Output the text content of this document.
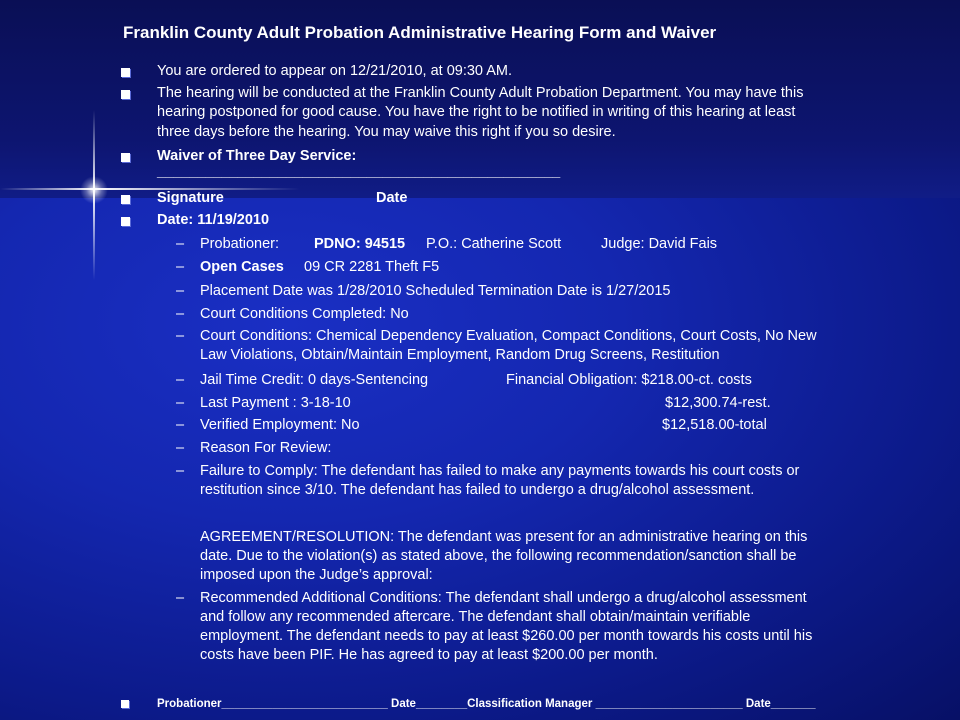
Franklin County Adult Probation Administrative Hearing Form and Waiver
You are ordered to appear on 12/21/2010, at 09:30 AM.
The hearing will be conducted at the Franklin County Adult Probation Department. You may have this
hearing postponed for good cause. You have the right to be notified in writing of this hearing at least
three days before the hearing. You may waive this right if you so desire.
Waiver of Three Day Service:
__________________________________________________
Signature	Date
Date: 11/19/2010
– Probationer: PDNO: 94515 P.O.: Catherine Scott	Judge: David Fais
– Open Cases 09 CR 2281 Theft F5
– Placement Date was 1/28/2010 Scheduled Termination Date is 1/27/2015
– Court Conditions Completed: No
– Court Conditions: Chemical Dependency Evaluation, Compact Conditions, Court Costs, No New
Law Violations, Obtain/Maintain Employment, Random Drug Screens, Restitution
– Jail Time Credit: 0 days-Sentencing	Financial Obligation: $218.00-ct. costs
– Last Payment : 3-18-10	$12,300.74-rest.
– Verified Employment: No	$12,518.00-total
– Reason For Review:
– Failure to Comply: The defendant has failed to make any payments towards his court costs or
restitution since 3/10. The defendant has failed to undergo a drug/alcohol assessment.
AGREEMENT/RESOLUTION: The defendant was present for an administrative hearing on this
date. Due to the violation(s) as stated above, the following recommendation/sanction shall be
imposed upon the Judge’s approval:
– Recommended Additional Conditions: The defendant shall undergo a drug/alcohol assessment
and follow any recommended aftercare. The defendant shall obtain/maintain verifiable
employment. The defendant needs to pay at least $260.00 per month towards his costs until his
costs have been PIF. He has agreed to pay at least $200.00 per month.
Probationer__________________________ Date________Classification Manager _______________________ Date_______
